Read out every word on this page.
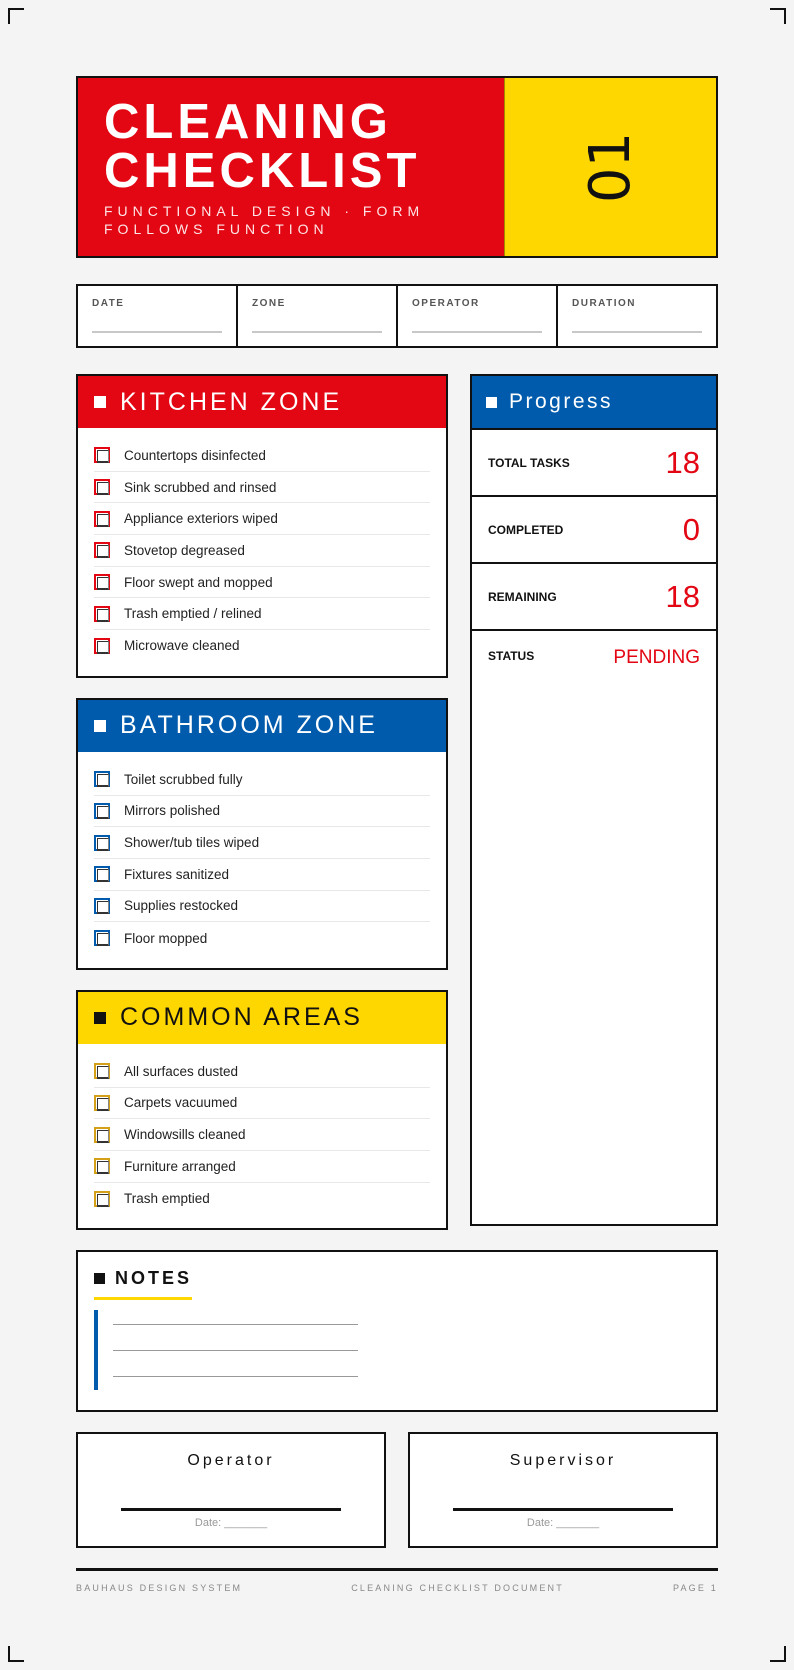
CLEANING
CHECKLIST
FUNCTIONAL DESIGN · FORM FOLLOWS FUNCTION
01
DATE	ZONE	OPERATOR	DURATION
KITCHEN ZONE
Countertops disinfected
Sink scrubbed and rinsed
Appliance exteriors wiped
Stovetop degreased
Floor swept and mopped
Trash emptied / relined
Microwave cleaned
BATHROOM ZONE
Toilet scrubbed fully
Mirrors polished
Shower/tub tiles wiped
Fixtures sanitized
Supplies restocked
Floor mopped
COMMON AREAS
All surfaces dusted
Carpets vacuumed
Windowsills cleaned
Furniture arranged
Trash emptied
Progress
TOTAL TASKS	18
COMPLETED	0
REMAINING	18
STATUS	PENDING
NOTES
Operator
Date: _______
Supervisor
Date: _______
BAUHAUS DESIGN SYSTEM	CLEANING CHECKLIST DOCUMENT	PAGE 1
